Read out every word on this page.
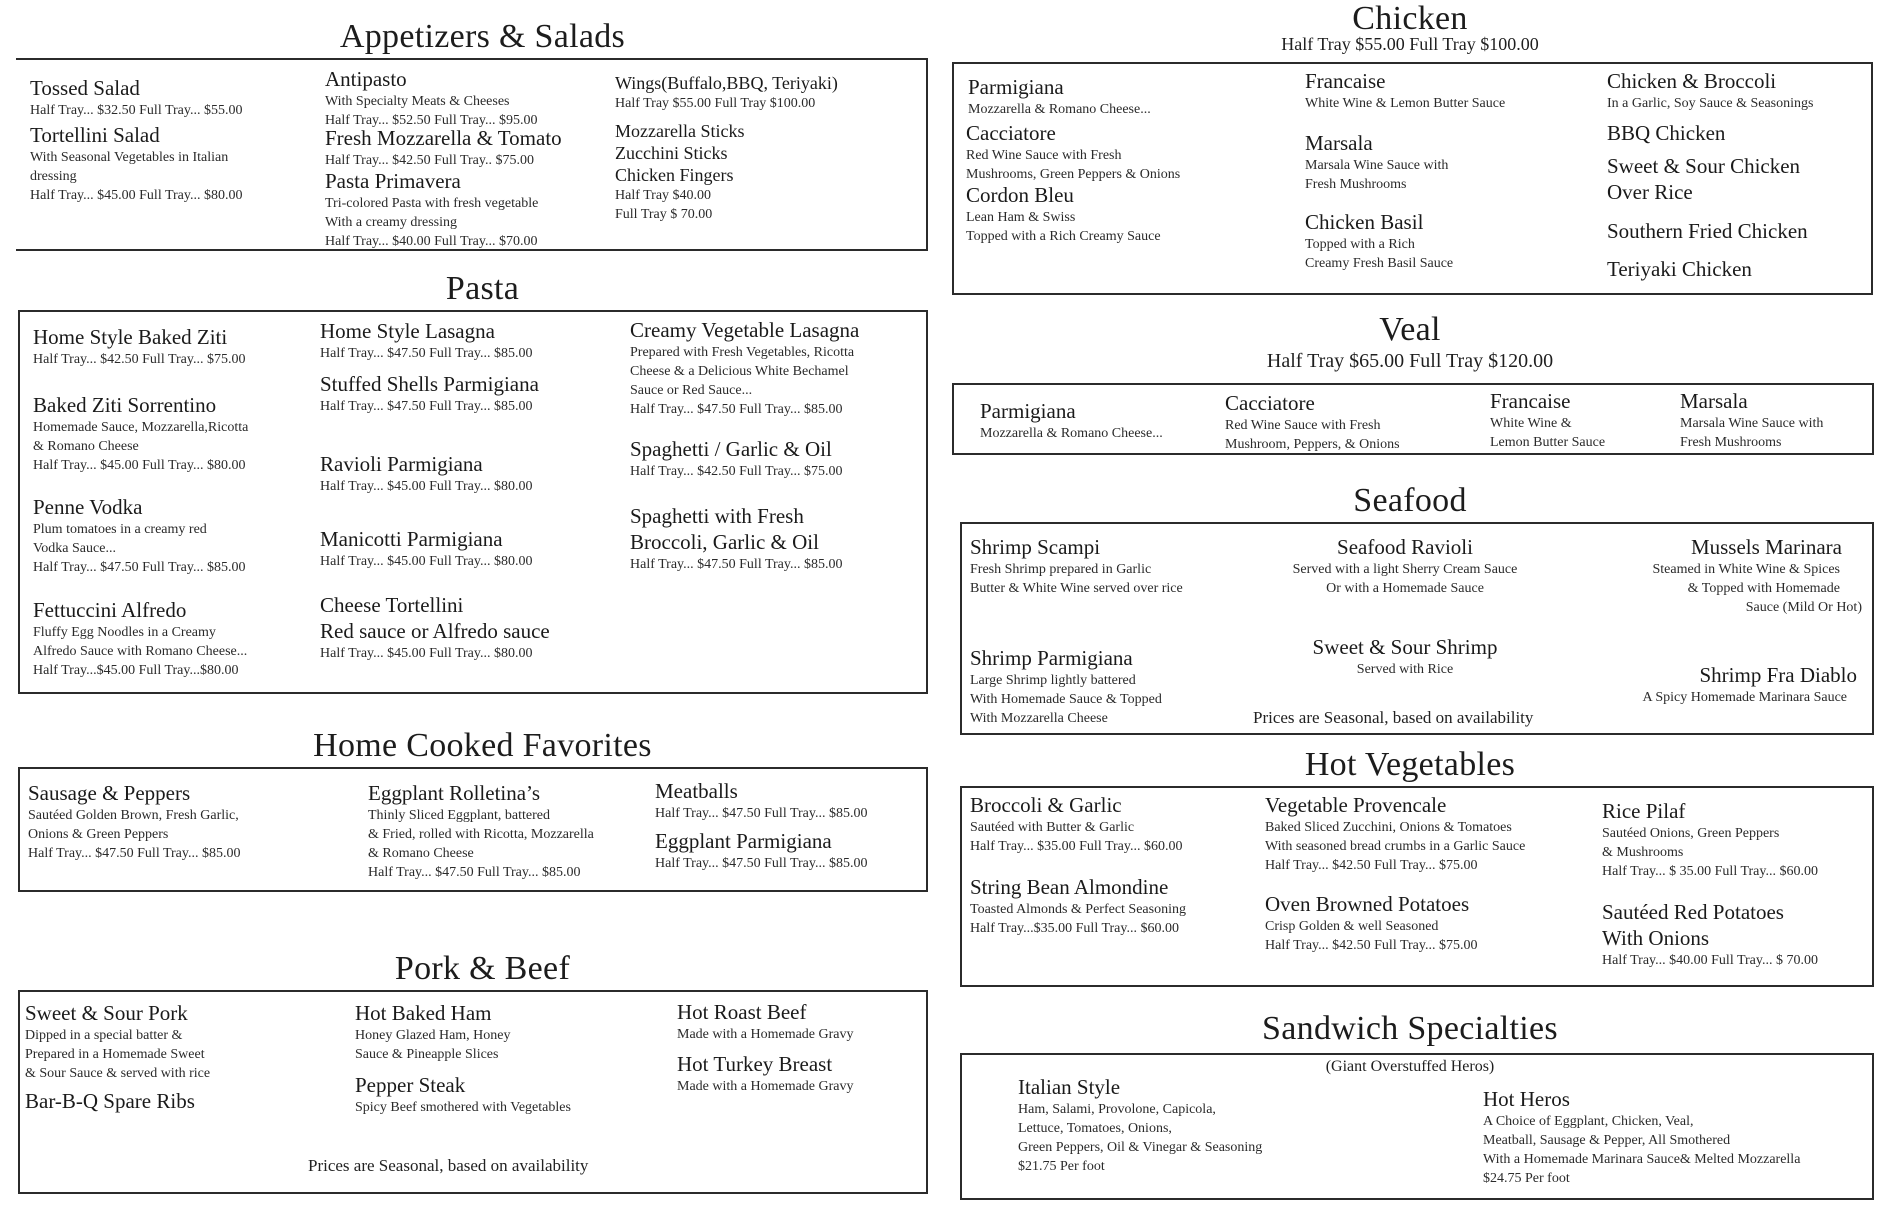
Appetizers & Salads
Tossed Salad
Half Tray... $32.50 Full Tray... $55.00
Tortellini Salad
With Seasonal Vegetables in Italian
dressing
Half Tray... $45.00 Full Tray... $80.00
Antipasto
With Specialty Meats & Cheeses
Half Tray... $52.50 Full Tray... $95.00
Fresh Mozzarella & Tomato
Half Tray... $42.50 Full Tray.. $75.00
Pasta Primavera
Tri-colored Pasta with fresh vegetable
With a creamy dressing
Half Tray... $40.00 Full Tray... $70.00
Wings(Buffalo,BBQ, Teriyaki)
Half Tray $55.00 Full Tray $100.00
Mozzarella Sticks
Zucchini Sticks
Chicken Fingers
Half Tray $40.00
Full Tray $ 70.00
Pasta
Home Style Baked Ziti
Half Tray... $42.50 Full Tray... $75.00
Baked Ziti Sorrentino
Homemade Sauce, Mozzarella,Ricotta
& Romano Cheese
Half Tray... $45.00 Full Tray... $80.00
Penne Vodka
Plum tomatoes in a creamy red
Vodka Sauce...
Half Tray... $47.50 Full Tray... $85.00
Fettuccini Alfredo
Fluffy Egg Noodles in a Creamy
Alfredo Sauce with Romano Cheese...
Half Tray...$45.00 Full Tray...$80.00
Home Style Lasagna
Half Tray... $47.50 Full Tray... $85.00
Stuffed Shells Parmigiana
Half Tray... $47.50 Full Tray... $85.00
Ravioli Parmigiana
Half Tray... $45.00 Full Tray... $80.00
Manicotti Parmigiana
Half Tray... $45.00 Full Tray... $80.00
Cheese Tortellini
Red sauce or Alfredo sauce
Half Tray... $45.00 Full Tray... $80.00
Creamy Vegetable Lasagna
Prepared with Fresh Vegetables, Ricotta
Cheese & a Delicious White Bechamel
Sauce or Red Sauce...
Half Tray... $47.50 Full Tray... $85.00
Spaghetti / Garlic & Oil
Half Tray... $42.50 Full Tray... $75.00
Spaghetti with Fresh
Broccoli, Garlic & Oil
Half Tray... $47.50 Full Tray... $85.00
Home Cooked Favorites
Sausage & Peppers
Sautéed Golden Brown, Fresh Garlic,
Onions & Green Peppers
Half Tray... $47.50 Full Tray... $85.00
Eggplant Rolletina’s
Thinly Sliced Eggplant, battered
& Fried, rolled with Ricotta, Mozzarella
& Romano Cheese
Half Tray... $47.50 Full Tray... $85.00
Meatballs
Half Tray... $47.50 Full Tray... $85.00
Eggplant Parmigiana
Half Tray... $47.50 Full Tray... $85.00
Pork & Beef
Sweet & Sour Pork
Dipped in a special batter &
Prepared in a Homemade Sweet
& Sour Sauce & served with rice
Bar-B-Q Spare Ribs
Hot Baked Ham
Honey Glazed Ham, Honey
Sauce & Pineapple Slices
Pepper Steak
Spicy Beef smothered with Vegetables
Hot Roast Beef
Made with a Homemade Gravy
Hot Turkey Breast
Made with a Homemade Gravy
Prices are Seasonal, based on availability
Chicken
Half Tray $55.00 Full Tray $100.00
Parmigiana
Mozzarella & Romano Cheese...
Cacciatore
Red Wine Sauce with Fresh
Mushrooms, Green Peppers & Onions
Cordon Bleu
Lean Ham & Swiss
Topped with a Rich Creamy Sauce
Francaise
White Wine & Lemon Butter Sauce
Marsala
Marsala Wine Sauce with
Fresh Mushrooms
Chicken Basil
Topped with a Rich
Creamy Fresh Basil Sauce
Chicken & Broccoli
In a Garlic, Soy Sauce & Seasonings
BBQ Chicken
Sweet & Sour Chicken
Over Rice
Southern Fried Chicken
Teriyaki Chicken
Veal
Half Tray $65.00 Full Tray $120.00
Parmigiana
Mozzarella & Romano Cheese...
Cacciatore
Red Wine Sauce with Fresh
Mushroom, Peppers, & Onions
Francaise
White Wine &
Lemon Butter Sauce
Marsala
Marsala Wine Sauce with
Fresh Mushrooms
Seafood
Shrimp Scampi
Fresh Shrimp prepared in Garlic
Butter & White Wine served over rice
Shrimp Parmigiana
Large Shrimp lightly battered
With Homemade Sauce & Topped
With Mozzarella Cheese
Seafood Ravioli
Served with a light Sherry Cream Sauce
Or with a Homemade Sauce
Sweet & Sour Shrimp
Served with Rice
Mussels Marinara
Steamed in White Wine & Spices
& Topped with Homemade
Sauce (Mild Or Hot)
Shrimp Fra Diablo
A Spicy Homemade Marinara Sauce
Prices are Seasonal, based on availability
Hot Vegetables
Broccoli & Garlic
Sautéed with Butter & Garlic
Half Tray... $35.00 Full Tray... $60.00
String Bean Almondine
Toasted Almonds & Perfect Seasoning
Half Tray...$35.00 Full Tray... $60.00
Vegetable Provencale
Baked Sliced Zucchini, Onions & Tomatoes
With seasoned bread crumbs in a Garlic Sauce
Half Tray... $42.50 Full Tray... $75.00
Oven Browned Potatoes
Crisp Golden & well Seasoned
Half Tray... $42.50 Full Tray... $75.00
Rice Pilaf
Sautéed Onions, Green Peppers
& Mushrooms
Half Tray... $ 35.00 Full Tray... $60.00
Sautéed Red Potatoes
With Onions
Half Tray... $40.00 Full Tray... $ 70.00
Sandwich Specialties
(Giant Overstuffed Heros)
Italian Style
Ham, Salami, Provolone, Capicola,
Lettuce, Tomatoes, Onions,
Green Peppers, Oil & Vinegar & Seasoning
$21.75 Per foot
Hot Heros
A Choice of Eggplant, Chicken, Veal,
Meatball, Sausage & Pepper, All Smothered
With a Homemade Marinara Sauce& Melted Mozzarella
$24.75 Per foot
